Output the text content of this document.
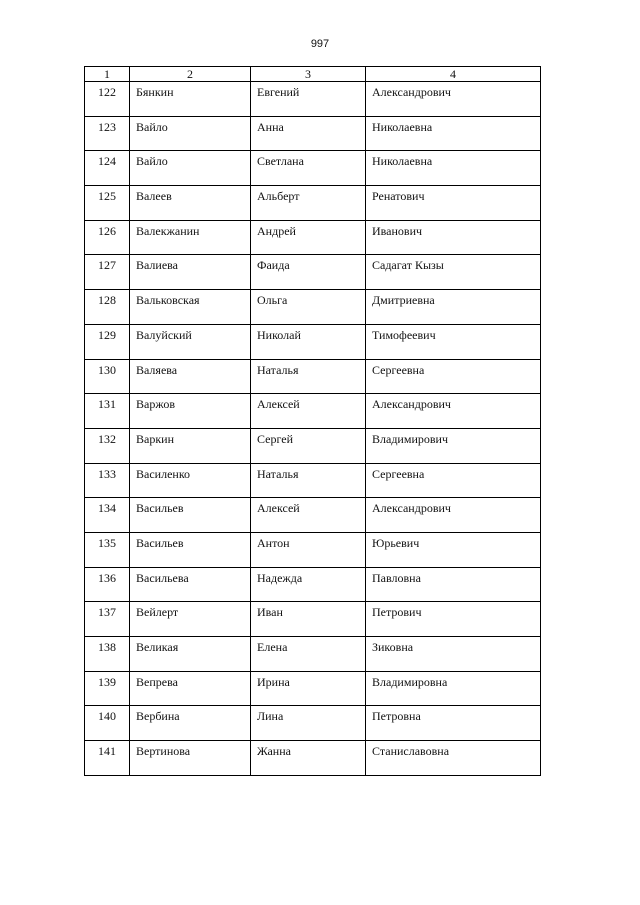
997
1	2	3	4
122	Бянкин	Евгений	Александрович
123	Вайло	Анна	Николаевна
124	Вайло	Светлана	Николаевна
125	Валеев	Альберт	Ренатович
126	Валекжанин	Андрей	Иванович
127	Валиева	Фаида	Садагат Кызы
128	Вальковская	Ольга	Дмитриевна
129	Валуйский	Николай	Тимофеевич
130	Валяева	Наталья	Сергеевна
131	Варжов	Алексей	Александрович
132	Варкин	Сергей	Владимирович
133	Василенко	Наталья	Сергеевна
134	Васильев	Алексей	Александрович
135	Васильев	Антон	Юрьевич
136	Васильева	Надежда	Павловна
137	Вейлерт	Иван	Петрович
138	Великая	Елена	Зиковна
139	Вепрева	Ирина	Владимировна
140	Вербина	Лина	Петровна
141	Вертинова	Жанна	Станиславовна
